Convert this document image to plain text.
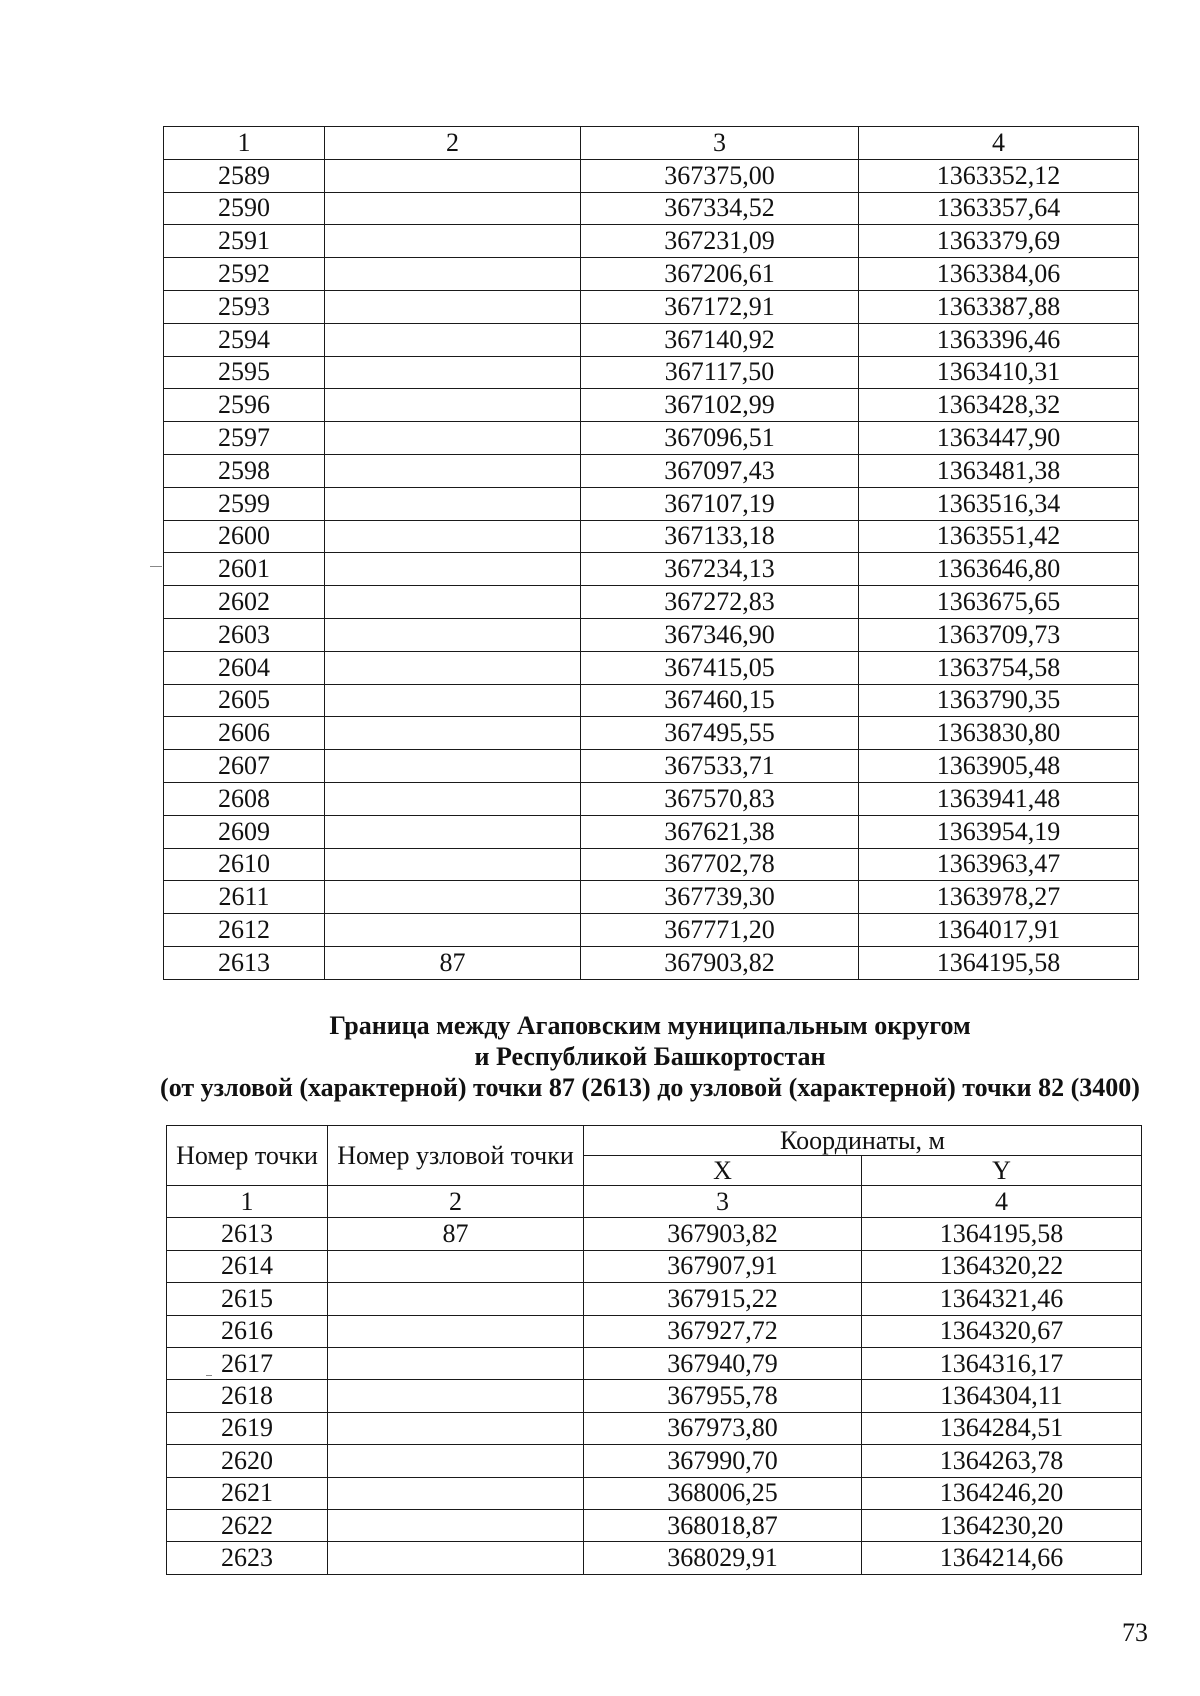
1	2	3	4
2589		367375,00	1363352,12
2590		367334,52	1363357,64
2591		367231,09	1363379,69
2592		367206,61	1363384,06
2593		367172,91	1363387,88
2594		367140,92	1363396,46
2595		367117,50	1363410,31
2596		367102,99	1363428,32
2597		367096,51	1363447,90
2598		367097,43	1363481,38
2599		367107,19	1363516,34
2600		367133,18	1363551,42
2601		367234,13	1363646,80
2602		367272,83	1363675,65
2603		367346,90	1363709,73
2604		367415,05	1363754,58
2605		367460,15	1363790,35
2606		367495,55	1363830,80
2607		367533,71	1363905,48
2608		367570,83	1363941,48
2609		367621,38	1363954,19
2610		367702,78	1363963,47
2611		367739,30	1363978,27
2612		367771,20	1364017,91
2613	87	367903,82	1364195,58
Граница между Агаповским муниципальным округом
и Республикой Башкортостан
(от узловой (характерной) точки 87 (2613) до узловой (характерной) точки 82 (3400)
Номер точки	Номер узловой точки	Координаты, м	
		X	Y
1	2	3	4
2613	87	367903,82	1364195,58
2614		367907,91	1364320,22
2615		367915,22	1364321,46
2616		367927,72	1364320,67
2617		367940,79	1364316,17
2618		367955,78	1364304,11
2619		367973,80	1364284,51
2620		367990,70	1364263,78
2621		368006,25	1364246,20
2622		368018,87	1364230,20
2623		368029,91	1364214,66
73
